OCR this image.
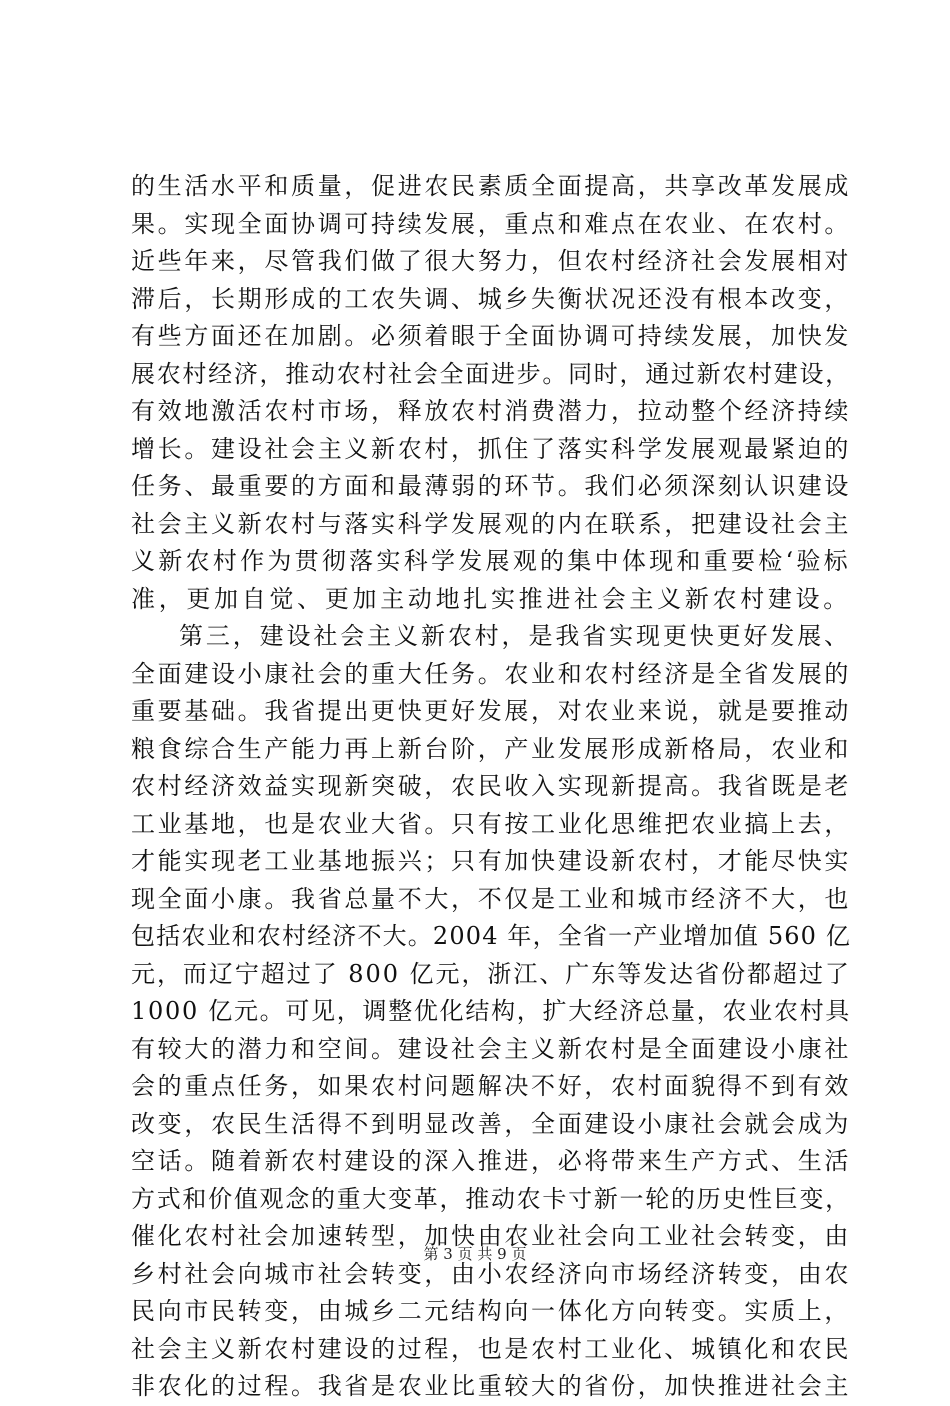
的生活水平和质量，促进农民素质全面提高，共享改革发展成
果。实现全面协调可持续发展，重点和难点在农业、在农村。
近些年来，尽管我们做了很大努力，但农村经济社会发展相对
滞后，长期形成的工农失调、城乡失衡状况还没有根本改变，
有些方面还在加剧。必须着眼于全面协调可持续发展，加快发
展农村经济，推动农村社会全面进步。同时，通过新农村建设，
有效地激活农村市场，释放农村消费潜力，拉动整个经济持续
增长。建设社会主义新农村，抓住了落实科学发展观最紧迫的
任务、最重要的方面和最薄弱的环节。我们必须深刻认识建设
社会主义新农村与落实科学发展观的内在联系，把建设社会主
义新农村作为贯彻落实科学发展观的集中体现和重要检‘验标
准，更加自觉、更加主动地扎实推进社会主义新农村建设。
第三，建设社会主义新农村，是我省实现更快更好发展、
全面建设小康社会的重大任务。农业和农村经济是全省发展的
重要基础。我省提出更快更好发展，对农业来说，就是要推动
粮食综合生产能力再上新台阶，产业发展形成新格局，农业和
农村经济效益实现新突破，农民收入实现新提高。我省既是老
工业基地，也是农业大省。只有按工业化思维把农业搞上去，
才能实现老工业基地振兴；只有加快建设新农村，才能尽快实
现全面小康。我省总量不大，不仅是工业和城市经济不大，也
包括农业和农村经济不大。2004 年，全省一产业增加值 560 亿
元，而辽宁超过了 800 亿元，浙江、广东等发达省份都超过了
1000 亿元。可见，调整优化结构，扩大经济总量，农业农村具
有较大的潜力和空间。建设社会主义新农村是全面建设小康社
会的重点任务，如果农村问题解决不好，农村面貌得不到有效
改变，农民生活得不到明显改善，全面建设小康社会就会成为
空话。随着新农村建设的深入推进，必将带来生产方式、生活
方式和价值观念的重大变革，推动农卡寸新一轮的历史性巨变，
催化农村社会加速转型，加快由农业社会向工业社会转变，由
乡村社会向城市社会转变，由小农经济向市场经济转变，由农
民向市民转变，由城乡二元结构向一体化方向转变。实质上，
社会主义新农村建设的过程，也是农村工业化、城镇化和农民
非农化的过程。我省是农业比重较大的省份，加快推进社会主
第 3 页 共 9 页
